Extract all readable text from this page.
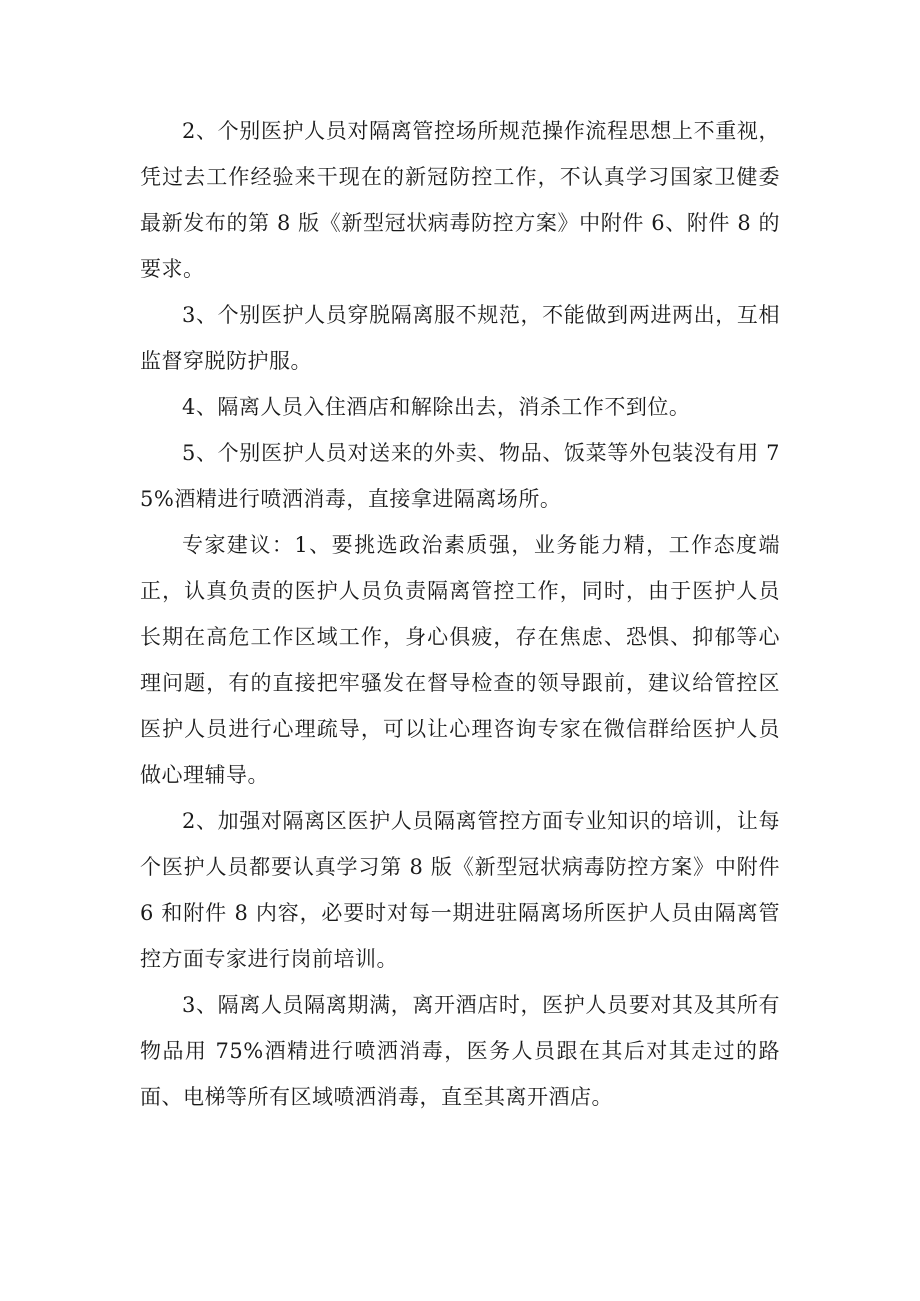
2、个别医护人员对隔离管控场所规范操作流程思想上不重视，凭过去工作经验来干现在的新冠防控工作，不认真学习国家卫健委最新发布的第 8 版《新型冠状病毒防控方案》中附件 6、附件 8 的要求。

3、个别医护人员穿脱隔离服不规范，不能做到两进两出，互相监督穿脱防护服。

4、隔离人员入住酒店和解除出去，消杀工作不到位。

5、个别医护人员对送来的外卖、物品、饭菜等外包装没有用 75%酒精进行喷洒消毒，直接拿进隔离场所。

专家建议：1、要挑选政治素质强，业务能力精，工作态度端正，认真负责的医护人员负责隔离管控工作，同时，由于医护人员长期在高危工作区域工作，身心俱疲，存在焦虑、恐惧、抑郁等心理问题，有的直接把牢骚发在督导检查的领导跟前，建议给管控区医护人员进行心理疏导，可以让心理咨询专家在微信群给医护人员做心理辅导。

2、加强对隔离区医护人员隔离管控方面专业知识的培训，让每个医护人员都要认真学习第 8 版《新型冠状病毒防控方案》中附件 6 和附件 8 内容，必要时对每一期进驻隔离场所医护人员由隔离管控方面专家进行岗前培训。

3、隔离人员隔离期满，离开酒店时，医护人员要对其及其所有物品用 75%酒精进行喷洒消毒，医务人员跟在其后对其走过的路面、电梯等所有区域喷洒消毒，直至其离开酒店。
